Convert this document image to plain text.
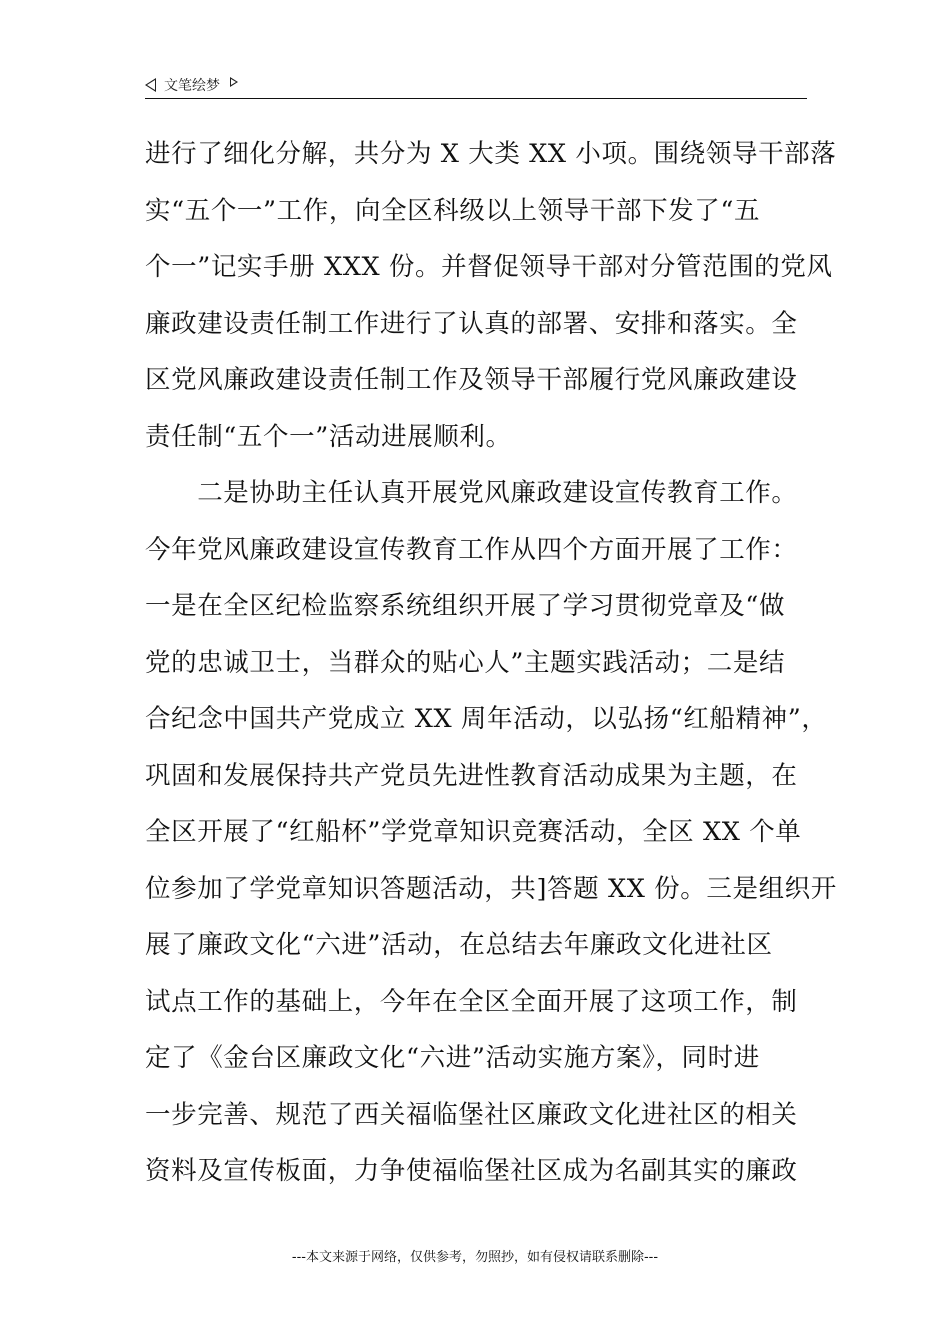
文笔绘梦
进行了细化分解，共分为 X 大类 XX 小项。围绕领导干部落
实“五个一”工作，向全区科级以上领导干部下发了“五
个一”记实手册 XXX 份。并督促领导干部对分管范围的党风
廉政建设责任制工作进行了认真的部署、安排和落实。全
区党风廉政建设责任制工作及领导干部履行党风廉政建设
责任制“五个一”活动进展顺利。
　　二是协助主任认真开展党风廉政建设宣传教育工作。
今年党风廉政建设宣传教育工作从四个方面开展了工作：
一是在全区纪检监察系统组织开展了学习贯彻党章及“做
党的忠诚卫士，当群众的贴心人”主题实践活动；二是结
合纪念中国共产党成立 XX 周年活动，以弘扬“红船精神”，
巩固和发展保持共产党员先进性教育活动成果为主题，在
全区开展了“红船杯”学党章知识竞赛活动，全区 XX 个单
位参加了学党章知识答题活动，共]答题 XX 份。三是组织开
展了廉政文化“六进”活动，在总结去年廉政文化进社区
试点工作的基础上，今年在全区全面开展了这项工作，制
定了《金台区廉政文化“六进”活动实施方案》，同时进
一步完善、规范了西关福临堡社区廉政文化进社区的相关
资料及宣传板面，力争使福临堡社区成为名副其实的廉政
---本文来源于网络，仅供参考，勿照抄，如有侵权请联系删除---
